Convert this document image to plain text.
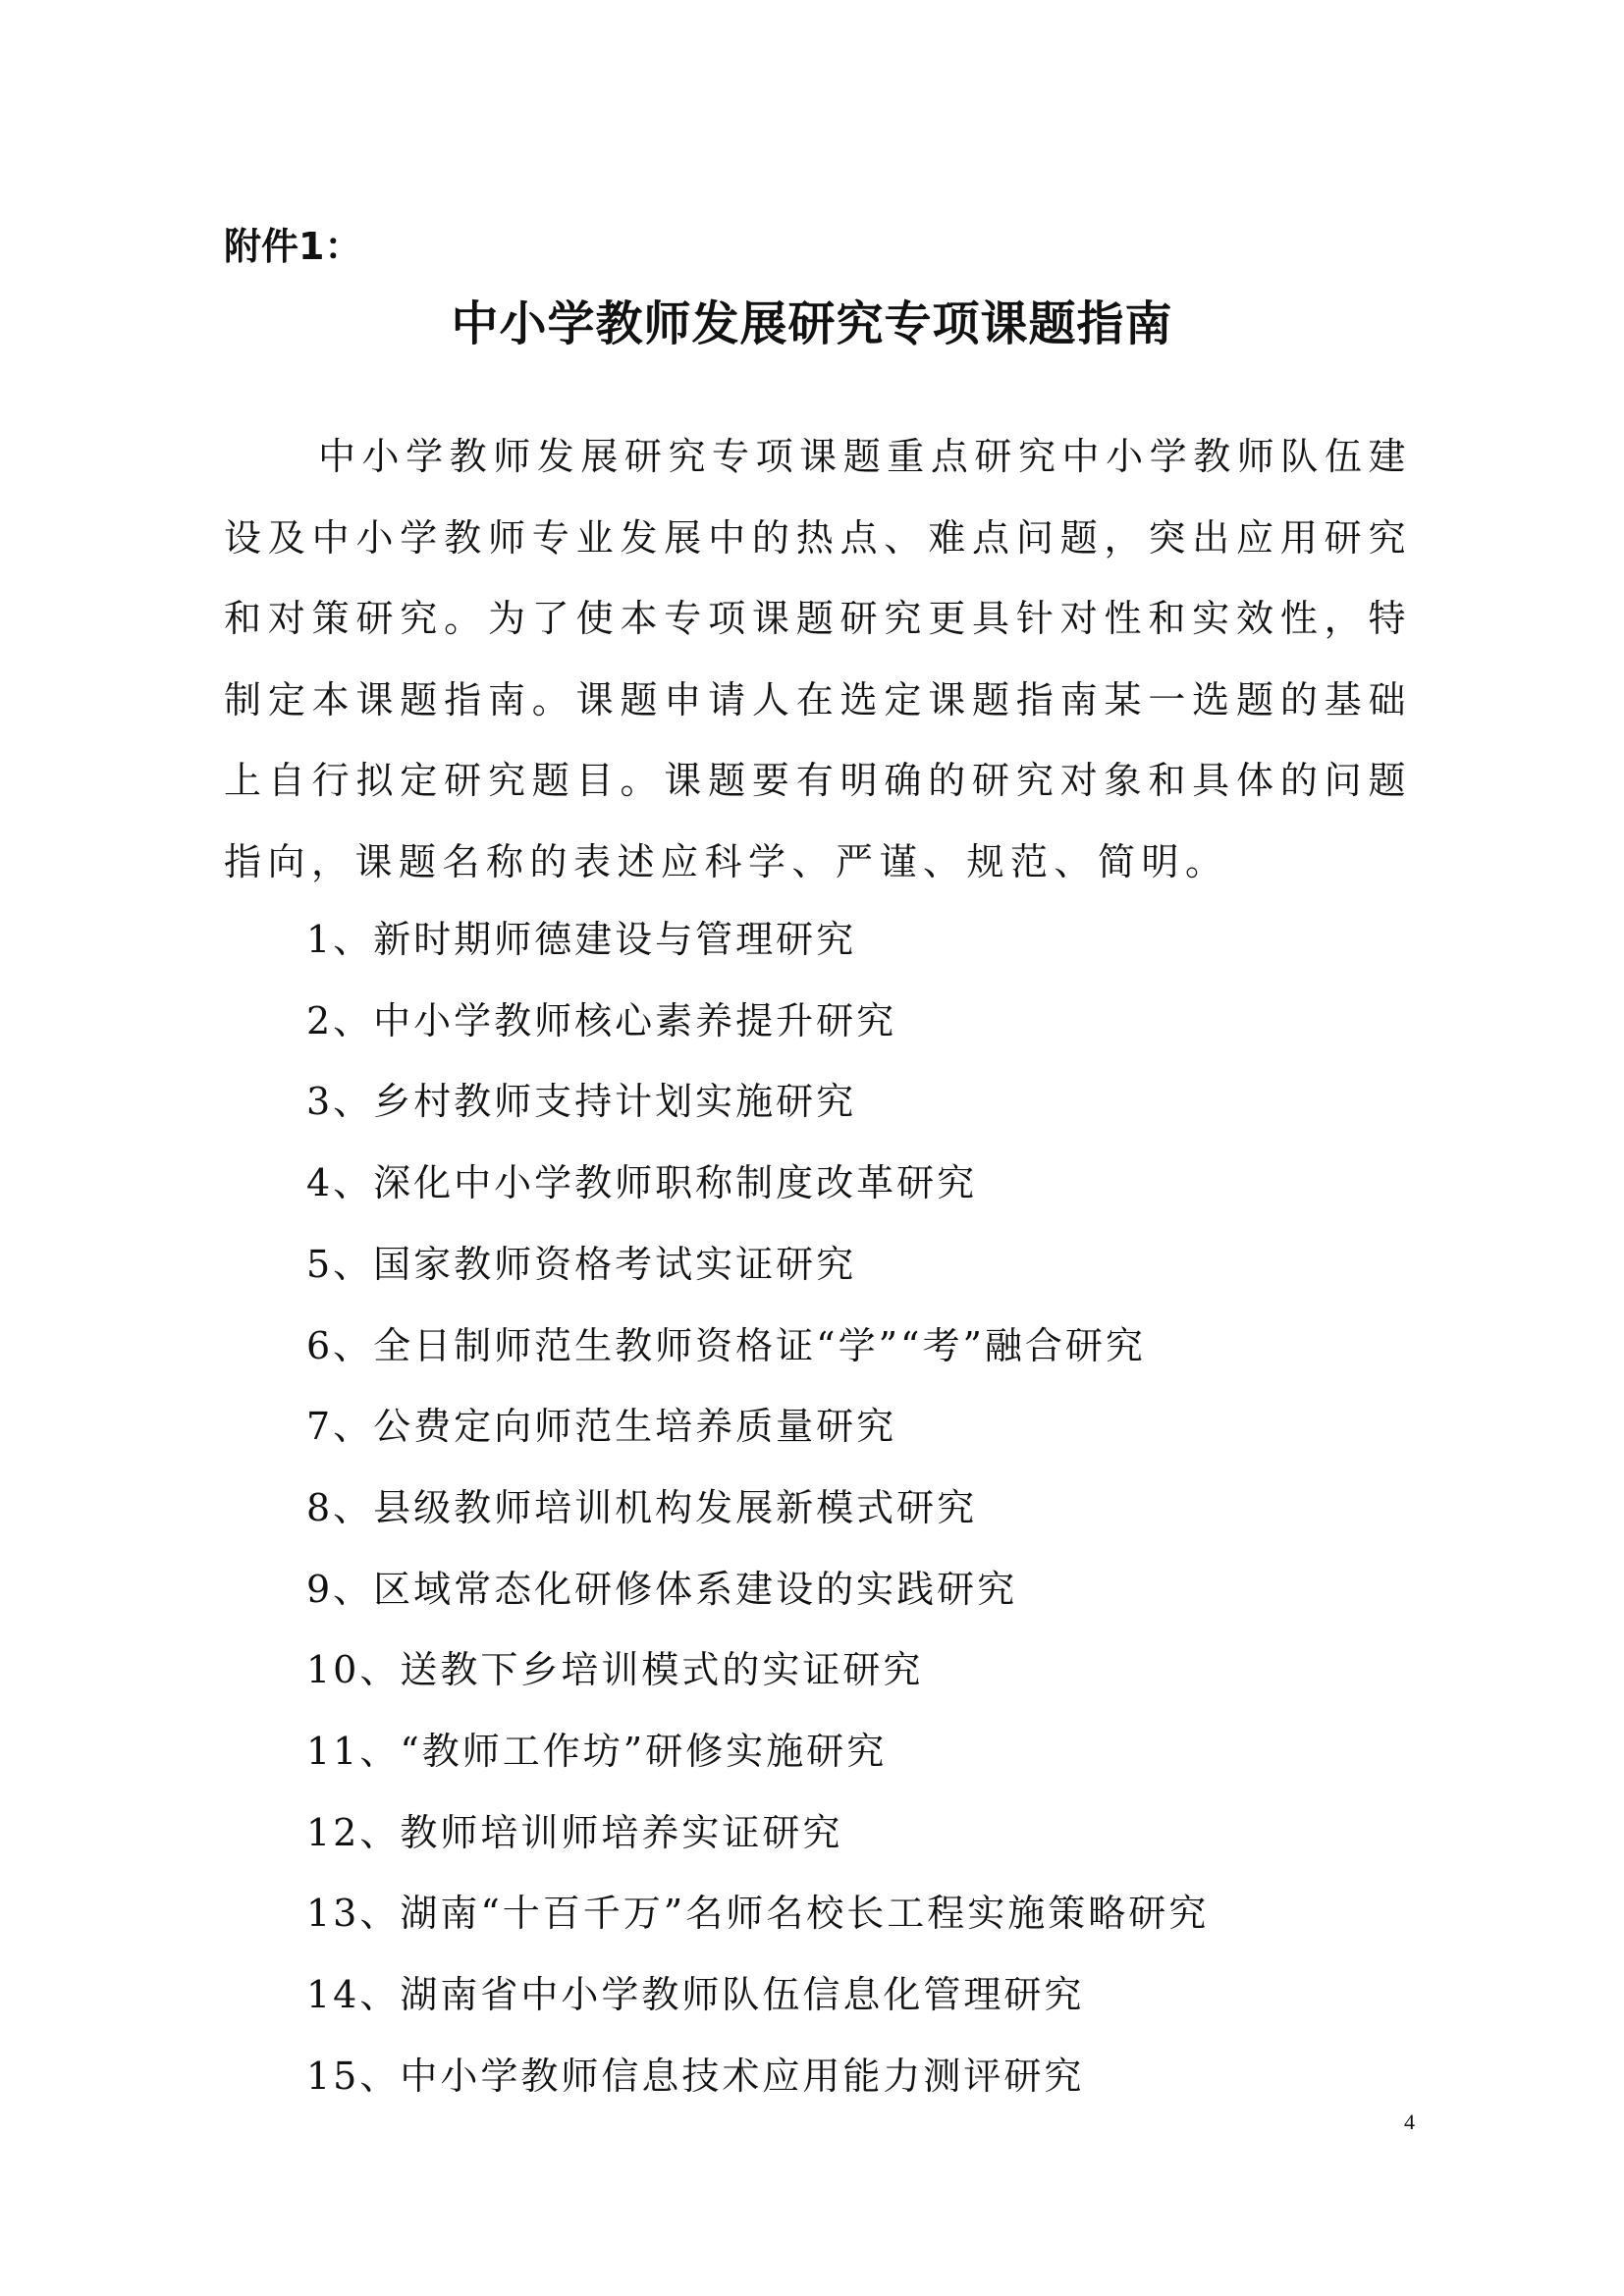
附件1：

中小学教师发展研究专项课题指南

中小学教师发展研究专项课题重点研究中小学教师队伍建设及中小学教师专业发展中的热点、难点问题，突出应用研究和对策研究。为了使本专项课题研究更具针对性和实效性，特制定本课题指南。课题申请人在选定课题指南某一选题的基础上自行拟定研究题目。课题要有明确的研究对象和具体的问题指向，课题名称的表述应科学、严谨、规范、简明。

1、新时期师德建设与管理研究
2、中小学教师核心素养提升研究
3、乡村教师支持计划实施研究
4、深化中小学教师职称制度改革研究
5、国家教师资格考试实证研究
6、全日制师范生教师资格证“学”“考”融合研究
7、公费定向师范生培养质量研究
8、县级教师培训机构发展新模式研究
9、区域常态化研修体系建设的实践研究
10、送教下乡培训模式的实证研究
11、“教师工作坊”研修实施研究
12、教师培训师培养实证研究
13、湖南“十百千万”名师名校长工程实施策略研究
14、湖南省中小学教师队伍信息化管理研究
15、中小学教师信息技术应用能力测评研究

4
